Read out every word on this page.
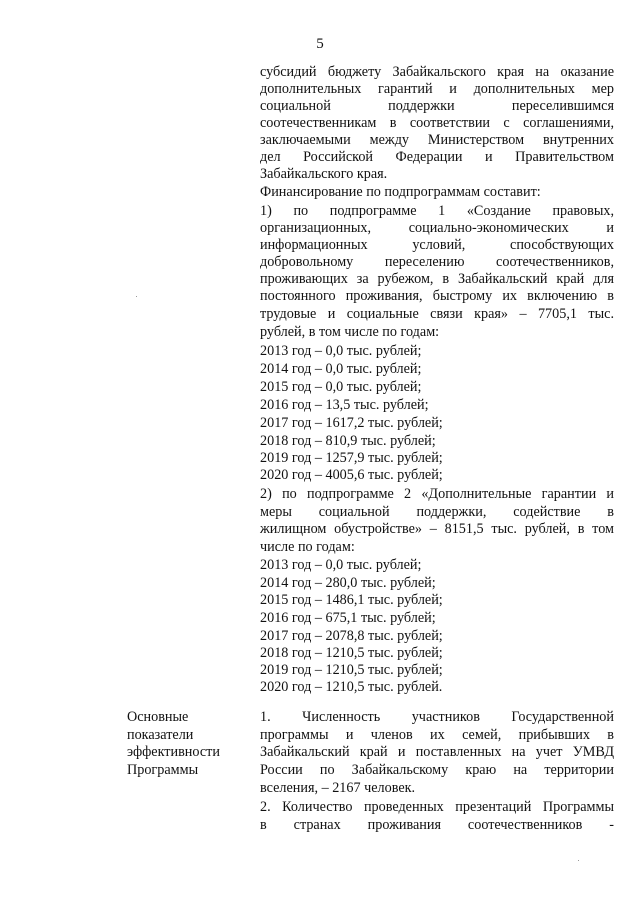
5
субсидий бюджету Забайкальского края на оказание
дополнительных гарантий и дополнительных мер
социальной поддержки переселившимся
соотечественникам в соответствии с соглашениями,
заключаемыми между Министерством внутренних
дел Российской Федерации и Правительством
Забайкальского края.
Финансирование по подпрограммам составит:
1) по подпрограмме 1 «Создание правовых,
организационных, социально-экономических и
информационных условий, способствующих
добровольному переселению соотечественников,
проживающих за рубежом, в Забайкальский край для
постоянного проживания, быстрому их включению в
трудовые и социальные связи края» – 7705,1 тыс.
рублей, в том числе по годам:
2013 год – 0,0 тыс. рублей;
2014 год – 0,0 тыс. рублей;
2015 год – 0,0 тыс. рублей;
2016 год – 13,5 тыс. рублей;
2017 год – 1617,2 тыс. рублей;
2018 год – 810,9 тыс. рублей;
2019 год – 1257,9 тыс. рублей;
2020 год – 4005,6 тыс. рублей;
2) по подпрограмме 2 «Дополнительные гарантии и
меры социальной поддержки, содействие в
жилищном обустройстве» – 8151,5 тыс. рублей, в том
числе по годам:
2013 год – 0,0 тыс. рублей;
2014 год – 280,0 тыс. рублей;
2015 год – 1486,1 тыс. рублей;
2016 год – 675,1 тыс. рублей;
2017 год – 2078,8 тыс. рублей;
2018 год – 1210,5 тыс. рублей;
2019 год – 1210,5 тыс. рублей;
2020 год – 1210,5 тыс. рублей.
Основные
показатели
эффективности
Программы
1. Численность участников Государственной
программы и членов их семей, прибывших в
Забайкальский край и поставленных на учет УМВД
России по Забайкальскому краю на территории
вселения, – 2167 человек.
2. Количество проведенных презентаций Программы
в странах проживания соотечественников -
